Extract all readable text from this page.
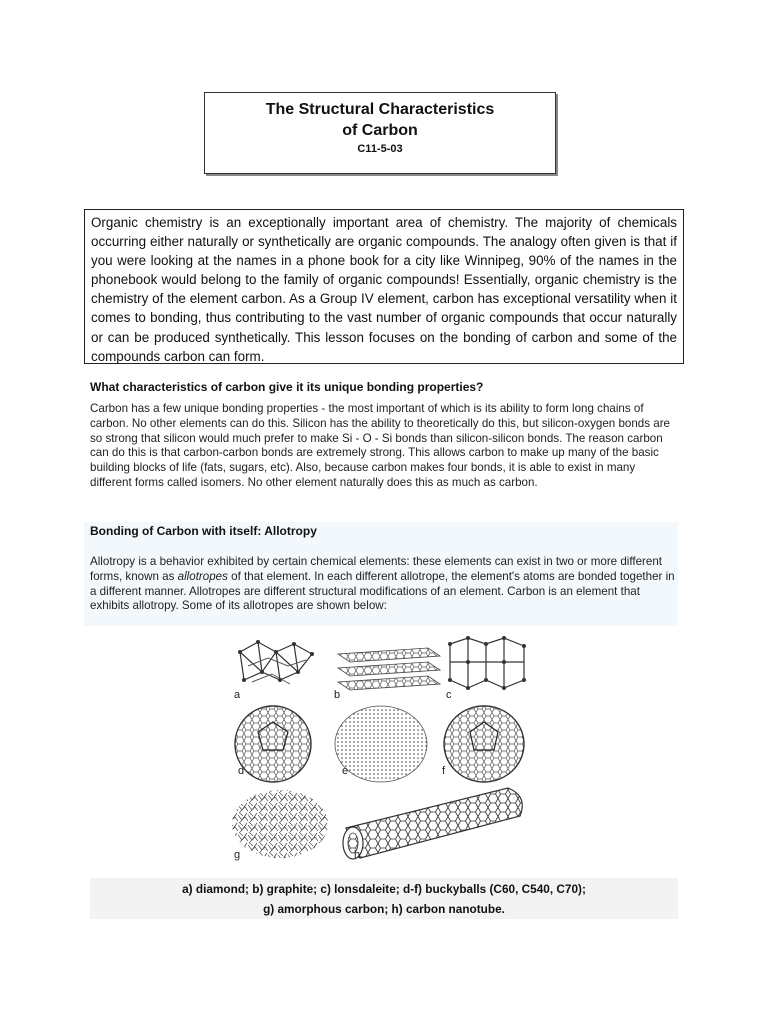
The Structural Characteristics
of Carbon
C11-5-03
Organic chemistry is an exceptionally important area of chemistry. The majority of chemicals occurring either naturally or synthetically are organic compounds. The analogy often given is that if you were looking at the names in a phone book for a city like Winnipeg, 90% of the names in the phonebook would belong to the family of organic compounds! Essentially, organic chemistry is the chemistry of the element carbon. As a Group IV element, carbon has exceptional versatility when it comes to bonding, thus contributing to the vast number of organic compounds that occur naturally or can be produced synthetically. This lesson focuses on the bonding of carbon and some of the compounds carbon can form.
What characteristics of carbon give it its unique bonding properties?
Carbon has a few unique bonding properties - the most important of which is its ability to form long chains of carbon. No other elements can do this. Silicon has the ability to theoretically do this, but silicon-oxygen bonds are so strong that silicon would much prefer to make Si - O - Si bonds than silicon-silicon bonds. The reason carbon can do this is that carbon-carbon bonds are extremely strong. This allows carbon to make up many of the basic building blocks of life (fats, sugars, etc). Also, because carbon makes four bonds, it is able to exist in many different forms called isomers. No other element naturally does this as much as carbon.
Bonding of Carbon with itself: Allotropy
Allotropy is a behavior exhibited by certain chemical elements: these elements can exist in two or more different forms, known as allotropes of that element. In each different allotrope, the element's atoms are bonded together in a different manner. Allotropes are different structural modifications of an element. Carbon is an element that exhibits allotropy. Some of its allotropes are shown below:
a	b	c
d	e	f
g	h
a) diamond; b) graphite; c) lonsdaleite; d-f) buckyballs (C60, C540, C70);
g) amorphous carbon; h) carbon nanotube.
